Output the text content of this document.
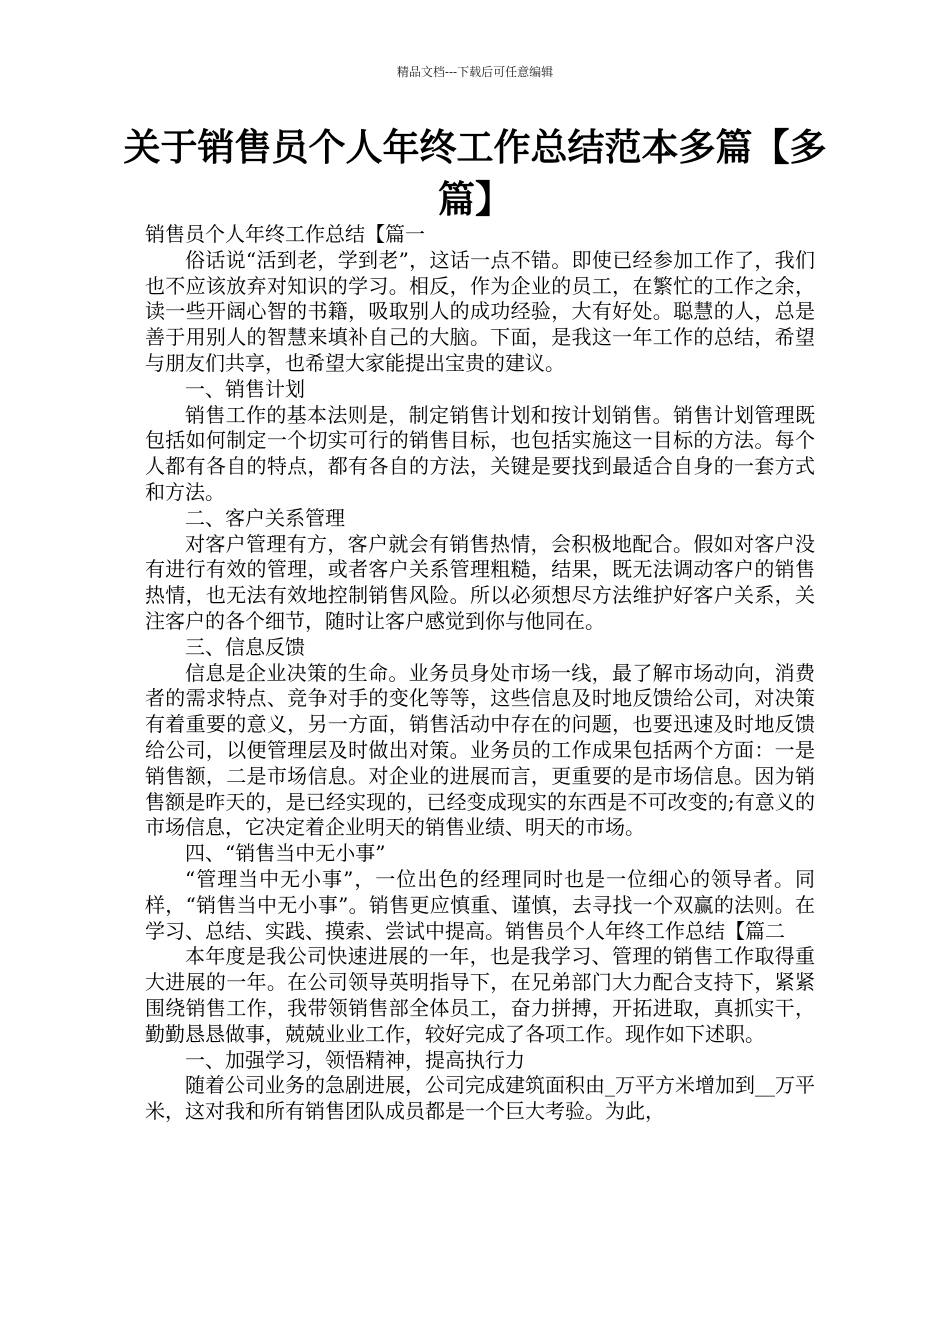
精品文档---下载后可任意编辑
关于销售员个人年终工作总结范本多篇【多篇】

销售员个人年终工作总结【篇一

俗话说“活到老，学到老”，这话一点不错。即使已经参加工作了，我们也不应该放弃对知识的学习。相反，作为企业的员工，在繁忙的工作之余，读一些开阔心智的书籍，吸取别人的成功经验，大有好处。聪慧的人，总是善于用别人的智慧来填补自己的大脑。下面，是我这一年工作的总结，希望与朋友们共享，也希望大家能提出宝贵的建议。

一、销售计划

销售工作的基本法则是，制定销售计划和按计划销售。销售计划管理既包括如何制定一个切实可行的销售目标，也包括实施这一目标的方法。每个人都有各自的特点，都有各自的方法，关键是要找到最适合自身的一套方式和方法。

二、客户关系管理

对客户管理有方，客户就会有销售热情，会积极地配合。假如对客户没有进行有效的管理，或者客户关系管理粗糙，结果，既无法调动客户的销售热情，也无法有效地控制销售风险。所以必须想尽方法维护好客户关系，关注客户的各个细节，随时让客户感觉到你与他同在。

三、信息反馈

信息是企业决策的生命。业务员身处市场一线，最了解市场动向，消费者的需求特点、竞争对手的变化等等，这些信息及时地反馈给公司，对决策有着重要的意义，另一方面，销售活动中存在的问题，也要迅速及时地反馈给公司，以便管理层及时做出对策。业务员的工作成果包括两个方面：一是销售额，二是市场信息。对企业的进展而言，更重要的是市场信息。因为销售额是昨天的，是已经实现的，已经变成现实的东西是不可改变的;有意义的市场信息，它决定着企业明天的销售业绩、明天的市场。

四、“销售当中无小事”

“管理当中无小事”，一位出色的经理同时也是一位细心的领导者。同样，“销售当中无小事”。销售更应慎重、谨慎，去寻找一个双赢的法则。在学习、总结、实践、摸索、尝试中提高。销售员个人年终工作总结【篇二

本年度是我公司快速进展的一年，也是我学习、管理的销售工作取得重大进展的一年。在公司领导英明指导下，在兄弟部门大力配合支持下，紧紧围绕销售工作，我带领销售部全体员工，奋力拼搏，开拓进取，真抓实干，勤勤恳恳做事，兢兢业业工作，较好完成了各项工作。现作如下述职。

一、加强学习，领悟精神，提高执行力

随着公司业务的急剧进展，公司完成建筑面积由_万平方米增加到__万平米，这对我和所有销售团队成员都是一个巨大考验。为此，
